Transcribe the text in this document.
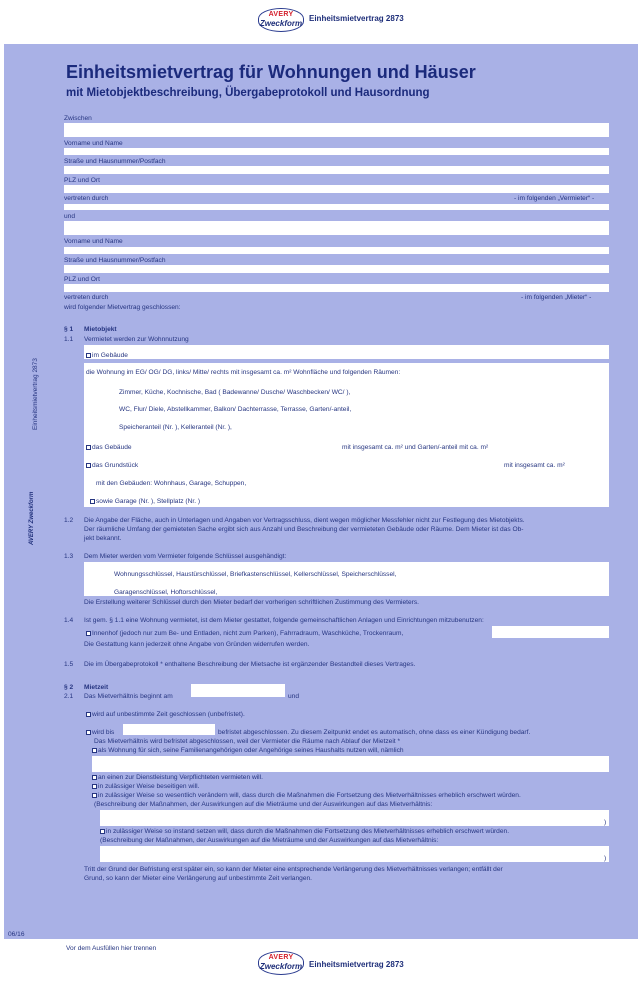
AVERY
Zweckform
Einheitsmietvertrag 2873
Einheitsmietvertrag für Wohnungen und Häuser
mit Mietobjektbeschreibung, Übergabeprotokoll und Hausordnung
Zwischen
Vorname und Name
Straße und Hausnummer/Postfach
PLZ und Ort
vertreten durch	- im folgenden „Vermieter“ -
und
Vorname und Name
Straße und Hausnummer/Postfach
PLZ und Ort
vertreten durch	- im folgenden „Mieter“ -
wird folgender Mietvertrag geschlossen:
§ 1 Mietobjekt
1.1 Vermietet werden zur Wohnnutzung
im Gebäude
die Wohnung im EG/ OG/ DG, links/ Mitte/ rechts mit insgesamt ca. m² Wohnfläche und folgenden Räumen:
Zimmer, Küche, Kochnische, Bad ( Badewanne/ Dusche/ Waschbecken/ WC/ ),
WC, Flur/ Diele, Abstellkammer, Balkon/ Dachterrasse, Terrasse, Garten/-anteil,
Speicheranteil (Nr. ), Kelleranteil (Nr. ),
das Gebäude	mit insgesamt ca. m² und Garten/-anteil mit ca. m²
das Grundstück	mit insgesamt ca. m²
mit den Gebäuden: Wohnhaus, Garage, Schuppen,
sowie Garage (Nr. ), Stellplatz (Nr. )
1.2 Die Angabe der Fläche, auch in Unterlagen und Angaben vor Vertragsschluss, dient wegen möglicher Messfehler nicht zur Festlegung des Mietobjekts.
Der räumliche Umfang der gemieteten Sache ergibt sich aus Anzahl und Beschreibung der vermieteten Gebäude oder Räume. Dem Mieter ist das Ob-
jekt bekannt.
1.3 Dem Mieter werden vom Vermieter folgende Schlüssel ausgehändigt:
Wohnungsschlüssel, Haustürschlüssel, Briefkastenschlüssel, Kellerschlüssel, Speicherschlüssel,
Garagenschlüssel, Hoftorschlüssel,
Die Erstellung weiterer Schlüssel durch den Mieter bedarf der vorherigen schriftlichen Zustimmung des Vermieters.
1.4 Ist gem. § 1.1 eine Wohnung vermietet, ist dem Mieter gestattet, folgende gemeinschaftlichen Anlagen und Einrichtungen mitzubenutzen:
Innenhof (jedoch nur zum Be- und Entladen, nicht zum Parken), Fahrradraum, Waschküche, Trockenraum,
Die Gestattung kann jederzeit ohne Angabe von Gründen widerrufen werden.
1.5 Die im Übergabeprotokoll * enthaltene Beschreibung der Mietsache ist ergänzender Bestandteil dieses Vertrages.
§ 2 Mietzeit
2.1 Das Mietverhältnis beginnt am	und
wird auf unbestimmte Zeit geschlossen (unbefristet).
wird bis	befristet abgeschlossen. Zu diesem Zeitpunkt endet es automatisch, ohne dass es einer Kündigung bedarf.
Das Mietverhältnis wird befristet abgeschlossen, weil der Vermieter die Räume nach Ablauf der Mietzeit *
als Wohnung für sich, seine Familienangehörigen oder Angehörige seines Haushalts nutzen will, nämlich
an einen zur Dienstleistung Verpflichteten vermieten will.
in zulässiger Weise beseitigen will.
in zulässiger Weise so wesentlich verändern will, dass durch die Maßnahmen die Fortsetzung des Mietverhältnisses erheblich erschwert würden.
(Beschreibung der Maßnahmen, der Auswirkungen auf die Mieträume und der Auswirkungen auf das Mietverhältnis:
)
in zulässiger Weise so instand setzen will, dass durch die Maßnahmen die Fortsetzung des Mietverhältnisses erheblich erschwert würden.
(Beschreibung der Maßnahmen, der Auswirkungen auf die Mieträume und der Auswirkungen auf das Mietverhältnis:
)
Tritt der Grund der Befristung erst später ein, so kann der Mieter eine entsprechende Verlängerung des Mietverhältnisses verlangen; entfällt der
Grund, so kann der Mieter eine Verlängerung auf unbestimmte Zeit verlangen.
06/16
Einheitsmietvertrag 2873
AVERY Zweckform
Vor dem Ausfüllen hier trennen
AVERY
Zweckform Einheitsmietvertrag 2873
